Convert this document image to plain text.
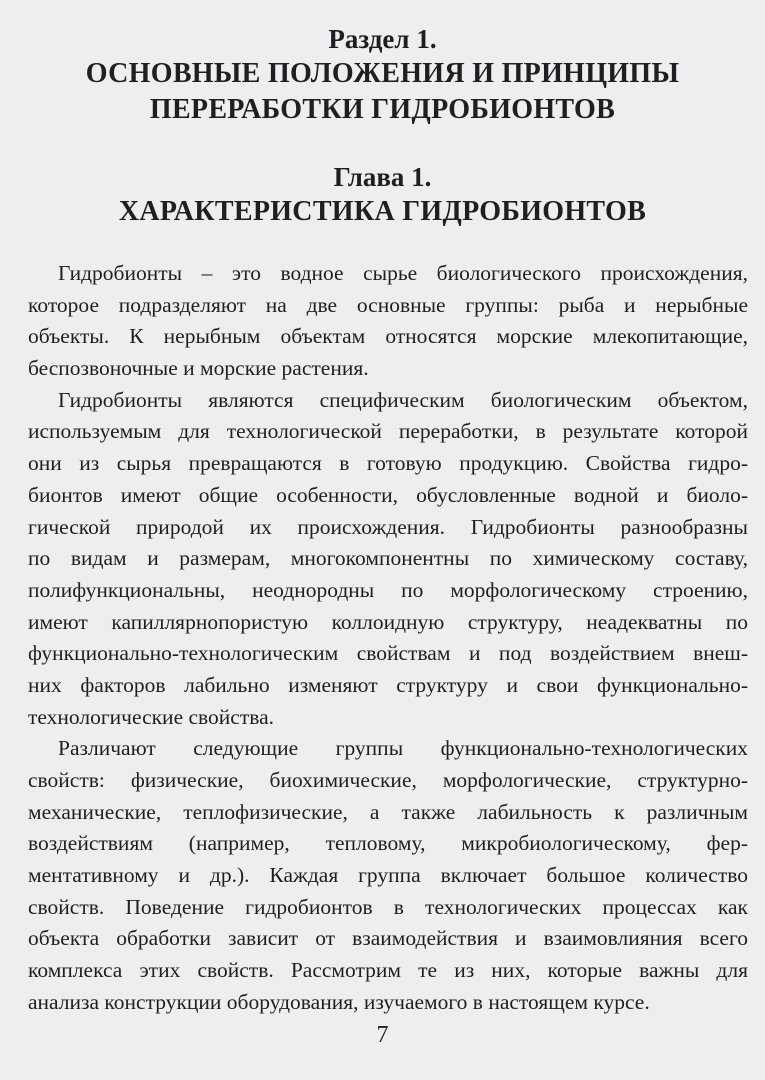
Раздел 1.
ОСНОВНЫЕ ПОЛОЖЕНИЯ И ПРИНЦИПЫ
ПЕРЕРАБОТКИ ГИДРОБИОНТОВ
Глава 1.
ХАРАКТЕРИСТИКА ГИДРОБИОНТОВ

Гидробионты – это водное сырье биологического происхождения,
которое подразделяют на две основные группы: рыба и нерыбные
объекты. К нерыбным объектам относятся морские млекопитающие,
беспозвоночные и морские растения.

Гидробионты являются специфическим биологическим объектом,
используемым для технологической переработки, в результате которой
они из сырья превращаются в готовую продукцию. Свойства гидро-
бионтов имеют общие особенности, обусловленные водной и биоло-
гической природой их происхождения. Гидробионты разнообразны
по видам и размерам, многокомпонентны по химическому составу,
полифункциональны, неоднородны по морфологическому строению,
имеют капиллярнопористую коллоидную структуру, неадекватны по
функционально-технологическим свойствам и под воздействием внеш-
них факторов лабильно изменяют структуру и свои функционально-
технологические свойства.

Различают следующие группы функционально-технологических
свойств: физические, биохимические, морфологические, структурно-
механические, теплофизические, а также лабильность к различным
воздействиям (например, тепловому, микробиологическому, фер-
ментативному и др.). Каждая группа включает большое количество
свойств. Поведение гидробионтов в технологических процессах как
объекта обработки зависит от взаимодействия и взаимовлияния всего
комплекса этих свойств. Рассмотрим те из них, которые важны для
анализа конструкции оборудования, изучаемого в настоящем курсе.

7
